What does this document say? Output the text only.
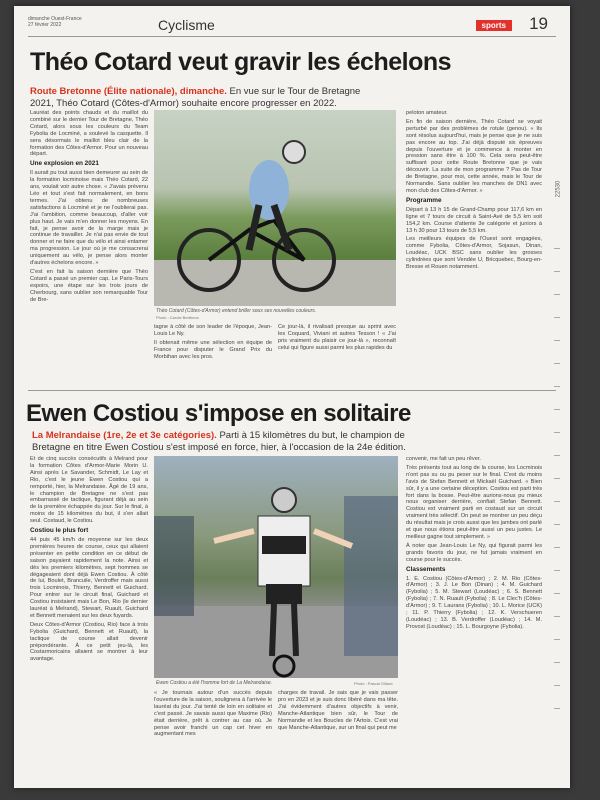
dimanche Ouest-France
27 février 2022	Cyclisme	sports	19
22530
Théo Cotard veut gravir les échelons
Route Bretonne (Élite nationale), dimanche. En vue sur le Tour de Bretagne 2021, Théo Cotard (Côtes-d'Armor) souhaite encore progresser en 2022.

Lauréat des points chauds et du maillot du combiné sur le dernier Tour de Bretagne, Théo Cotard, alors sous les couleurs du Team Fybolia de Locminé, a soulevé la casquette. Il sera désormais le maillot bleu clair de la formation des Côtes-d'Armor. Pour un nouveau départ.

Une explosion en 2021

Il aurait pu tout aussi bien demeurer au sein de la formation locminoise mais Théo Cotard, 22 ans, voulait voir autre chose. « J'avais prévenu Léo et tout s'est fait normalement, en bons termes. J'ai obtenu de nombreuses satisfactions à Locminé et je ne l'oublierai pas. J'ai l'ambition, comme beaucoup, d'aller voir plus haut. Je vais m'en donner les moyens. En fait, je pense avoir de la marge mais je continue de travailler. Je n'ai pas envie de tout donner et ne faire que du vélo et ainsi entamer ma progression. Le jour où je me consacrerai uniquement au vélo, je pense alors monter d'autres échelons encore. »

C'est en fait la saison dernière que Théo Cotard a passé un premier cap. Le Paris-Tours espoirs, une étape sur les trois jours de Cherbourg, sans oublier son remarquable Tour de Bre-

Théo Cotard (Côtes-d'Armor) entend briller sous ses nouvelles couleurs.
Photo : Carole Bertheux

tagne à côté de son leader de l'époque, Jean-Louis Le Ny.

Il obtenait même une sélection en équipe de France pour disputer le Grand Prix du Morbihan avec les pros.

Ce jour-là, il rivalisait presque au sprint avec les Coquard, Viviani et autres Tesson ! « J'ai pris vraiment du plaisir ce jour-là », reconnaît celui qui figure aussi parmi les plus rapides du

peloton amateur.

En fin de saison dernière, Théo Cotard se voyait perturbé par des problèmes de rotule (genou). « Ils sont résolus aujourd'hui, mais je pense que je ne suis pas encore au top. J'ai déjà disputé six épreuves depuis l'ouverture et je commence à monter en pression sans être à 100 %. Cela sera peut-être suffisant pour cette Route Bretonne que je vais découvrir. La suite de mon programme ? Pas de Tour de Bretagne, pour moi, cette année, mais le Tour de Normandie. Sans oublier les manches de DN1 avec mon club des Côtes-d'Armor. »

Programme

Départ à 13 h 15 de Grand-Champ pour 117,6 km en ligne et 7 tours de circuit à Saint-Avé de 5,5 km soit 154,2 km. Course d'attente 3e catégorie et juniors à 13 h 30 pour 13 tours de 5,5 km.

Les meilleurs équipes de l'Ouest sont engagées, comme Fybolia, Côtes-d'Armor, Sojasun, Dinan, Loudéac, UCK BSC sans oublier les grosses cylindrées que sont Vendée U, Bricquebec, Bourg-en-Bresse et Rouen notamment.

Ewen Costiou s'impose en solitaire
La Melrandaise (1re, 2e et 3e catégories). Parti à 15 kilomètres du but, le champion de Bretagne en titre Ewen Costiou s'est imposé en force, hier, à l'occasion de la 24e édition.

Et de cinq succès consécutifs à Melrand pour la formation Côtes d'Armor-Marie Morin U. Ainsi après Le Savander, Schmidt, Le Lay et Rio, c'est le jeune Ewen Costiou qui a remporté, hier, la Melrandaise. Âgé de 19 ans, le champion de Bretagne ne s'est pas embarrassé de tactique, figurant déjà au sein de la première échappée du jour. Sur le final, à moins de 15 kilomètres du but, il s'en allait seul. Costaud, le Costiou.

Costiou le plus fort

44 puis 45 km/h de moyenne sur les deux premières heures de course, ceux qui allaient présenter en petite condition en ce début de saison payaient rapidement la note. Ainsi et dès les premiers kilomètres, sept hommes se dégageaient dont déjà Ewen Costiou. À côté de lui, Boulet, Brancuile, Verdroffer mais aussi trois Locminois, Thierry, Bennett et Guichard. Pour entrer sur le circuit final, Guichard et Costiou insistaient mais Le Bon, Rio (le dernier lauréat à Melrand), Stewart, Ruault, Guichard et Bennett menaient sur les deux fuyards.

Deux Côtes-d'Armor (Costiou, Rio) face à trois Fybolia (Guichard, Bennett et Ruault), la tactique de course allait devenir prépondérante. À ce petit jeu-là, les Costarmoricains allaient se montrer à leur avantage.

Ewen Costiou a été l'homme fort de La Melrandaise.	Photo : Pascal Gillard

« Je tournais autour d'un succès depuis l'ouverture de la saison, soulignera à l'arrivée le lauréat du jour. J'ai tenté de loin en solitaire et c'est passé. Je savais aussi que Maxime (Rio) était derrière, prêt à contrer au cas où. Je pense avoir franchi un cap cet hiver en augmentant mes

charges de travail. Je sais que je vais passer pro en 2023 et je suis donc libéré dans ma tête. J'ai évidemment d'autres objectifs à venir, Manche-Atlantique bien sûr, le Tour de Normandie et les Boucles de l'Artois. C'est vrai que Manche-Atlantique, sur un final qui peut me

convenir, me fait un peu rêver.

Très présents tout au long de la course, les Locminois n'ont pas su ou pu peser sur le final. C'est du moins l'avis de Stefan Bennett et Mickaël Guichard. « Bien sûr, il y a une certaine déception. Costiou est parti très fort dans la bosse. Peut-être aurions-nous pu mieux nous organiser derrière, confiait Stefan Bennett. Costiou est vraiment parti en costaud sur un circuit vraiment très sélectif. On peut se montrer un peu déçu du résultat mais je crois aussi que les jambes ont parlé et que nous étions peut-être aussi un peu justes. Le meilleur gagne tout simplement. »

À noter que Jean-Louis Le Ny, qui figurait parmi les grands favoris du jour, ne fut jamais vraiment en course pour le succès.

Classements

1. E. Costiou (Côtes-d'Armor) ; 2. M. Rio (Côtes-d'Armor) ; 3. J. Le Bon (Dinan) ; 4. M. Guichard (Fybolia) ; 5. M. Stewart (Loudéac) ; 6. S. Bennett (Fybolia) ; 7. N. Ruault (Fybolia) ; 8. Le Clec'h (Côtes-d'Armor) ; 9. T. Laurans (Fybolia) ; 10. L. Morice (UCK) ; 11. P. Thierry (Fybolia) ; 12. K. Verschueren (Loudéac) ; 13. B. Verdroffer (Loudéac) ; 14. M. Provost (Loudéac) ; 15. L. Bourgoyne (Fybolia).
